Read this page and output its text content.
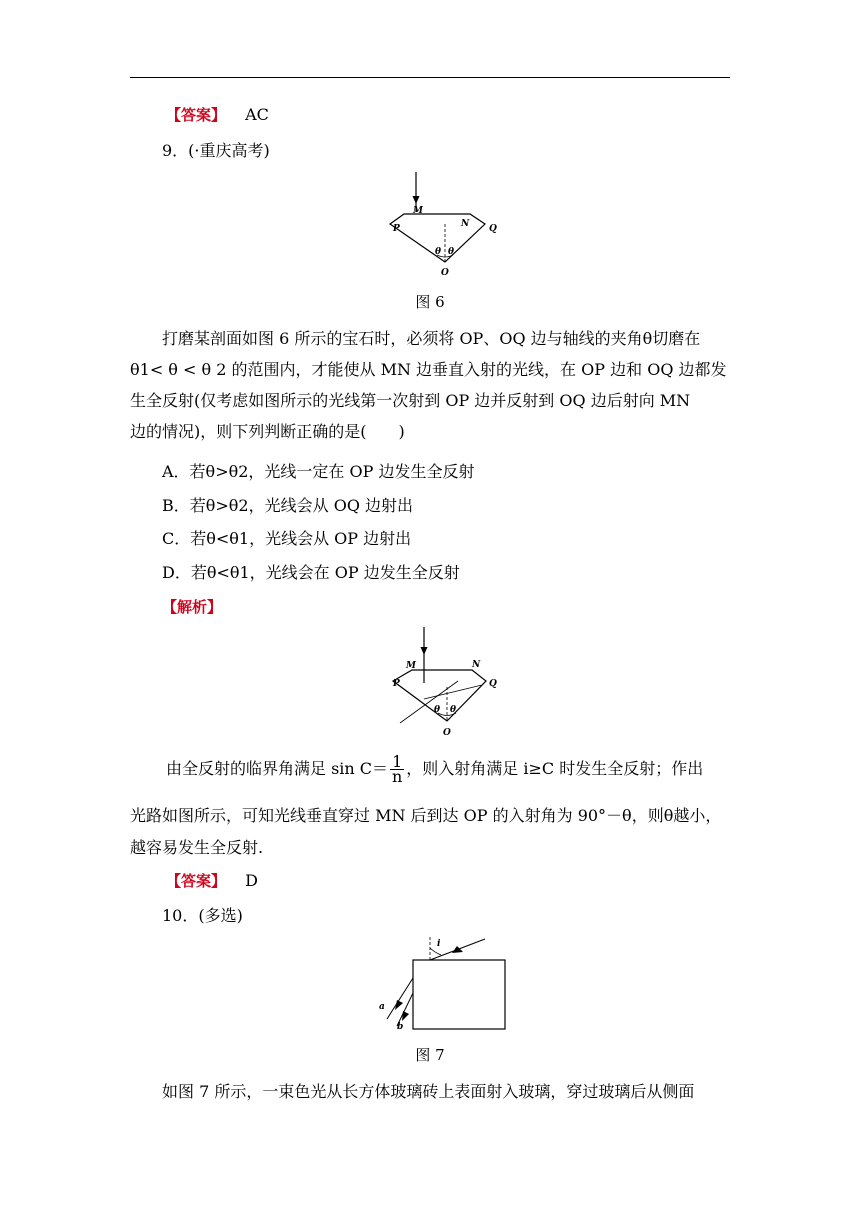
【答案】 AC
9．(·重庆高考)
M
N
P	Q
θ θ
O
图 6
打磨某剖面如图 6 所示的宝石时，必须将 OP、OQ 边与轴线的夹角θ切磨在
θ1< θ < θ 2 的范围内，才能使从 MN 边垂直入射的光线，在 OP 边和 OQ 边都发
生全反射(仅考虑如图所示的光线第一次射到 OP 边并反射到 OQ 边后射向 MN
边的情况)，则下列判断正确的是(　　)
A．若θ>θ2，光线一定在 OP 边发生全反射
B．若θ>θ2，光线会从 OQ 边射出
C．若θ<θ1，光线会从 OP 边射出
D．若θ<θ1，光线会在 OP 边发生全反射
【解析】
M	N
P	Q
θ θ
O
由全反射的临界角满足 $\sin C= \frac{1}{n}$ ，则入射角满足 i≥C 时发生全反射；作出
光路如图所示，可知光线垂直穿过 MN 后到达 OP 的入射角为 90°－θ，则θ越小，
越容易发生全反射.
【答案】 D
10．(多选)
i
a
b
图 7
如图 7 所示，一束色光从长方体玻璃砖上表面射入玻璃，穿过玻璃后从侧面
